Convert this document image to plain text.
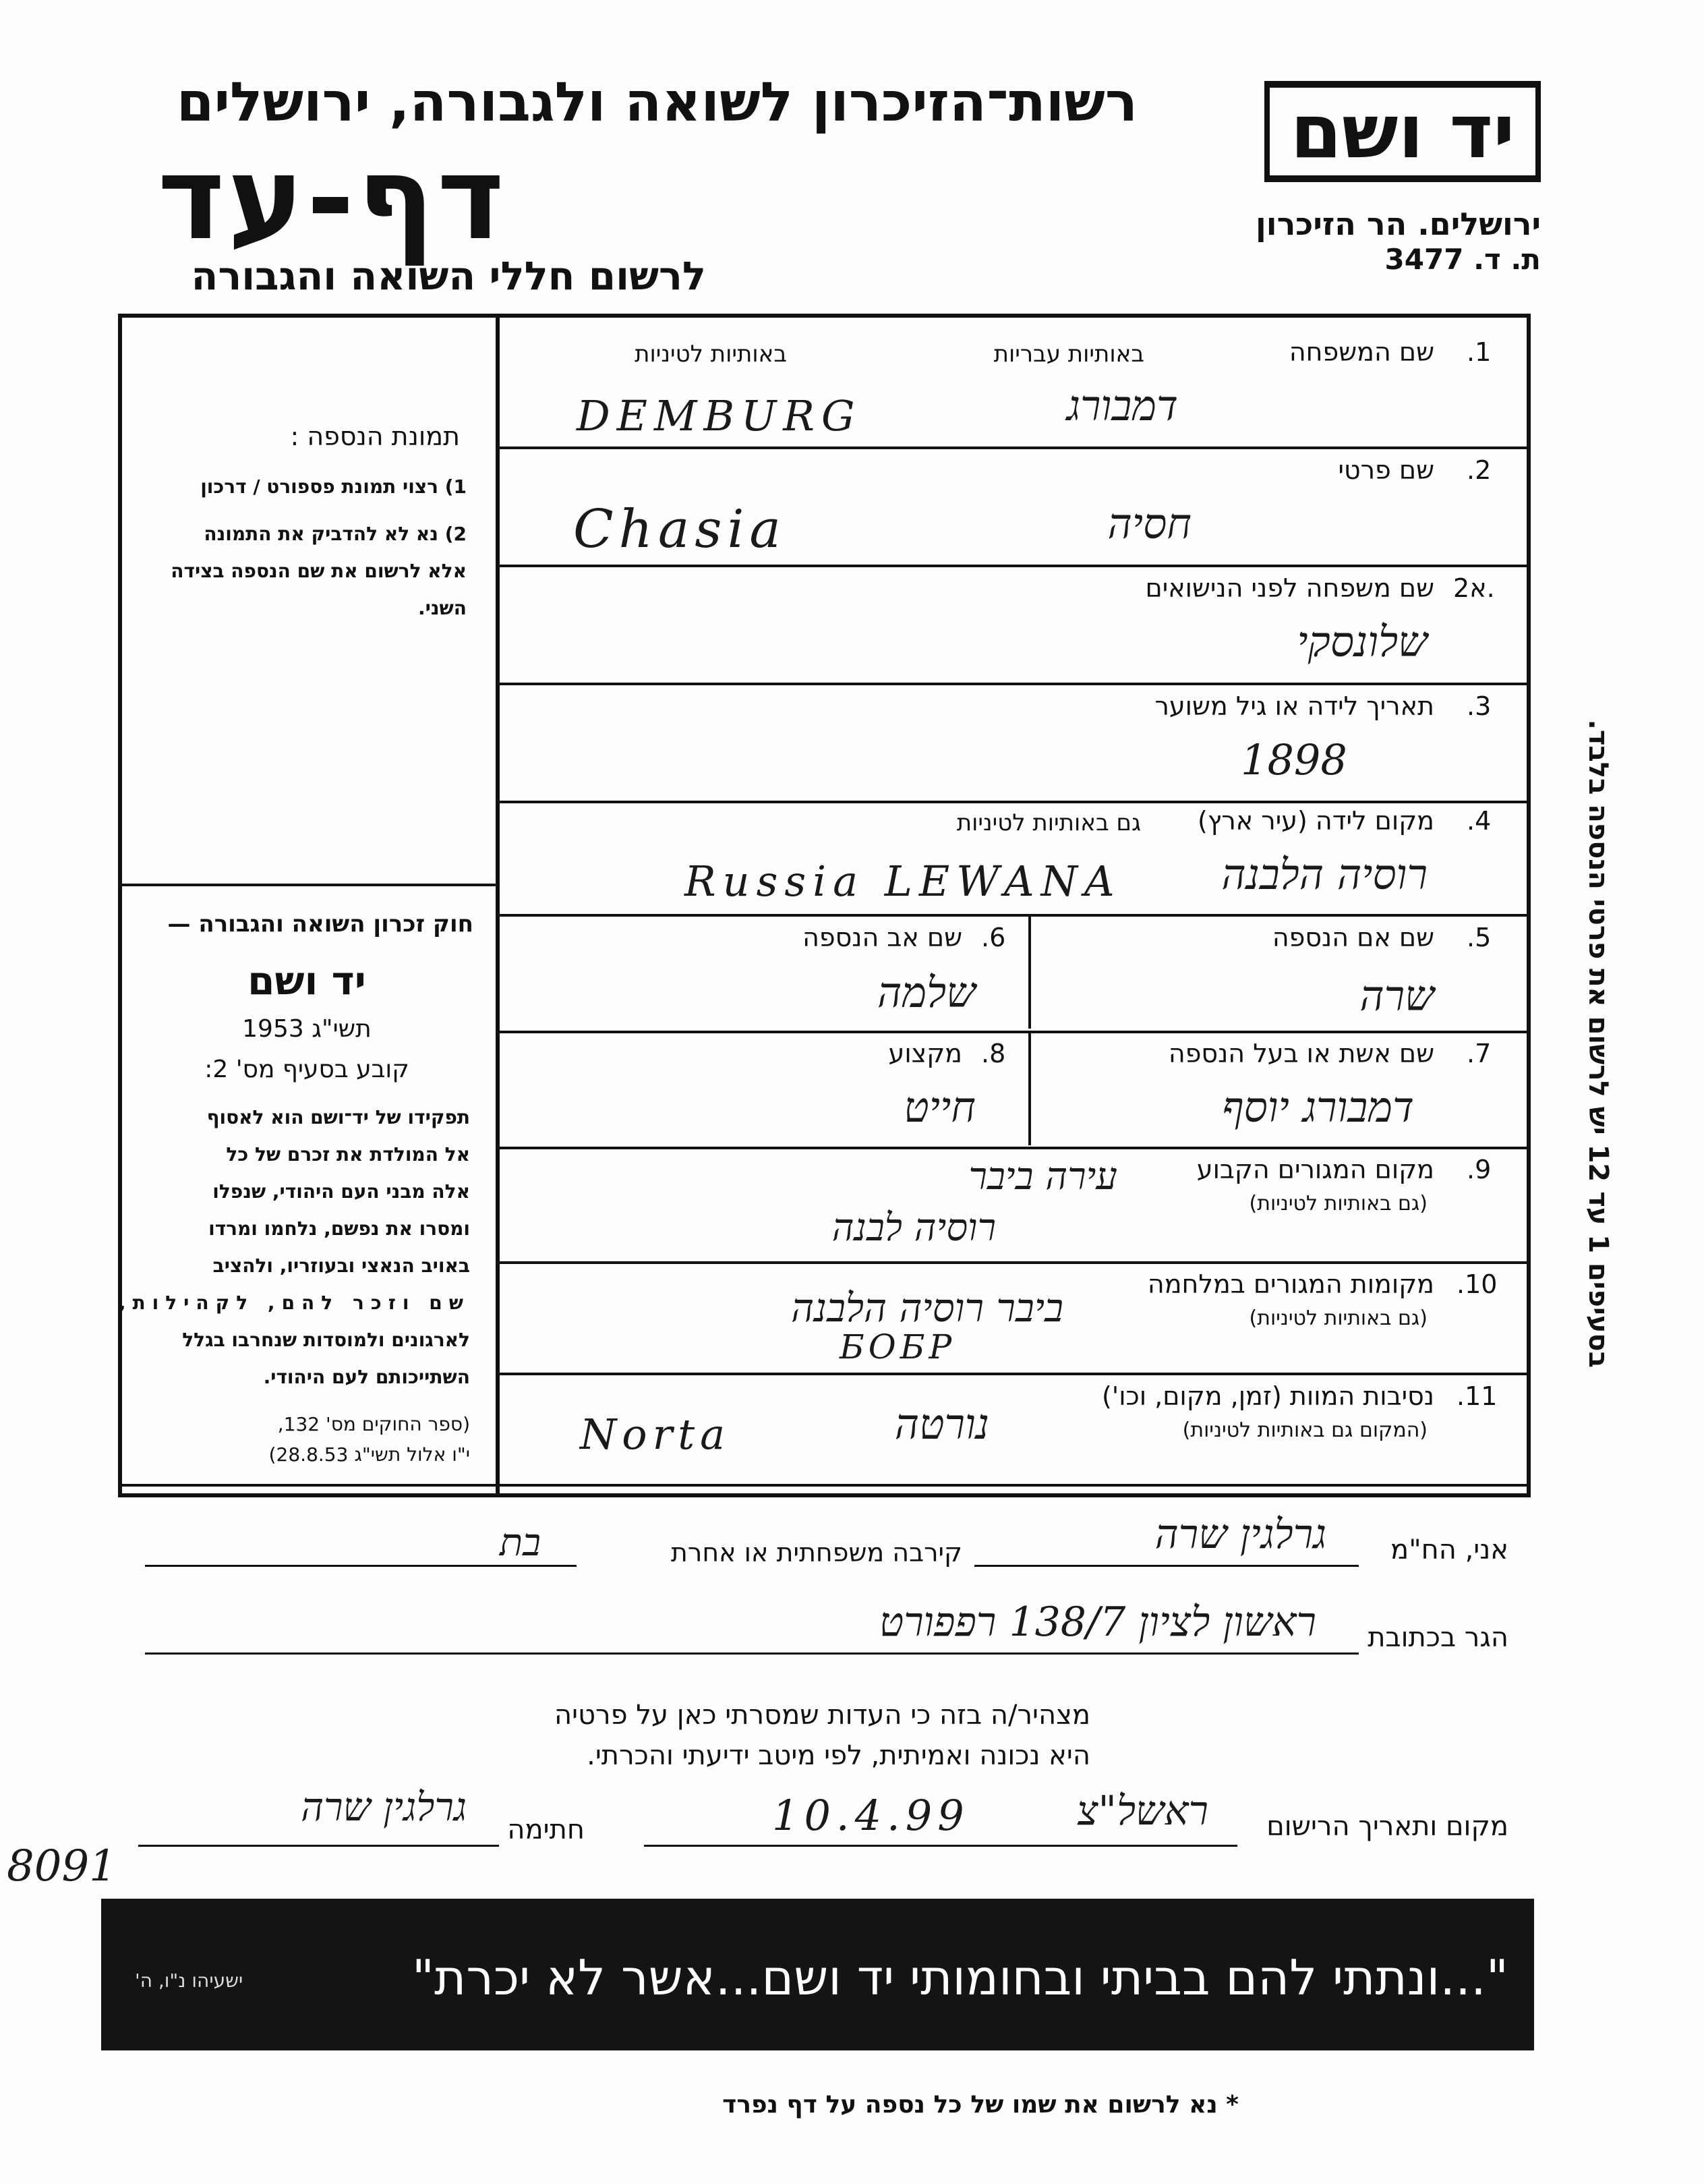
רשות־הזיכרון לשואה ולגבורה, ירושלים
דף-עד
לרשום חללי השואה והגבורה
יד ושם
ירושלים. הר הזיכרון
ת. ד. 3477
.1
שם המשפחה
באותיות עבריות
באותיות לטיניות
דמבורג
DEMBURG
.2
שם פרטי
חסיה
Chasia
2א.
שם משפחה לפני הנישואים
שלונסקי
.3
תאריך לידה או גיל משוער
1898
.4
מקום לידה (עיר ארץ)
גם באותיות לטיניות
רוסיה הלבנה
Russia LEWANA
.5
שם אם הנספה
שרה
.6
שם אב הנספה
שלמה
.7
שם אשת או בעל הנספה
דמבורג יוסף
.8
מקצוע
חייט
.9
מקום המגורים הקבוע
(גם באותיות לטיניות)
עירה ביבר
רוסיה לבנה
.10
מקומות המגורים במלחמה
(גם באותיות לטיניות)
ביבר רוסיה הלבנה
БОБР
.11
נסיבות המוות (זמן, מקום, וכו')
(המקום גם באותיות לטיניות)
נורטה
Norta
תמונת הנספה :
1) רצוי תמונת פספורט / דרכון
2) נא לא להדביק את התמונה
אלא לרשום את שם הנספה בצידה
השני.
חוק זכרון השואה והגבורה —
יד ושם
תשי"ג 1953
קובע בסעיף מס' 2:
תפקידו של יד־ושם הוא לאסוף
אל המולדת את זכרם של כל
אלה מבני העם היהודי, שנפלו
ומסרו את נפשם, נלחמו ומרדו
באויב הנאצי ובעוזריו, ולהציב
שם וזכר להם, לקהילות,
לארגונים ולמוסדות שנחרבו בגלל
השתייכותם לעם היהודי.
(ספר החוקים מס' 132,
י"ו אלול תשי"ג 28.8.53)
אני, הח"מ
גרלגין שרה
קירבה משפחתית או אחרת
בת
הגר בכתובת
ראשון לציון 138/7 רפפורט
מצהיר/ה בזה כי העדות שמסרתי כאן על פרטיה
היא נכונה ואמיתית, לפי מיטב ידיעתי והכרתי.
מקום ותאריך הרישום
ראשל"צ
10.4.99
חתימה
גרלגין שרה
"...ונתתי להם בביתי ובחומותי יד ושם...אשר לא יכרת"
ישעיהו נ"ו, ה'
בסעיפים 1 עד 12 יש לרשום את פרטי הנספה בלבד.
* נא לרשום את שמו של כל נספה על דף נפרד
8091
